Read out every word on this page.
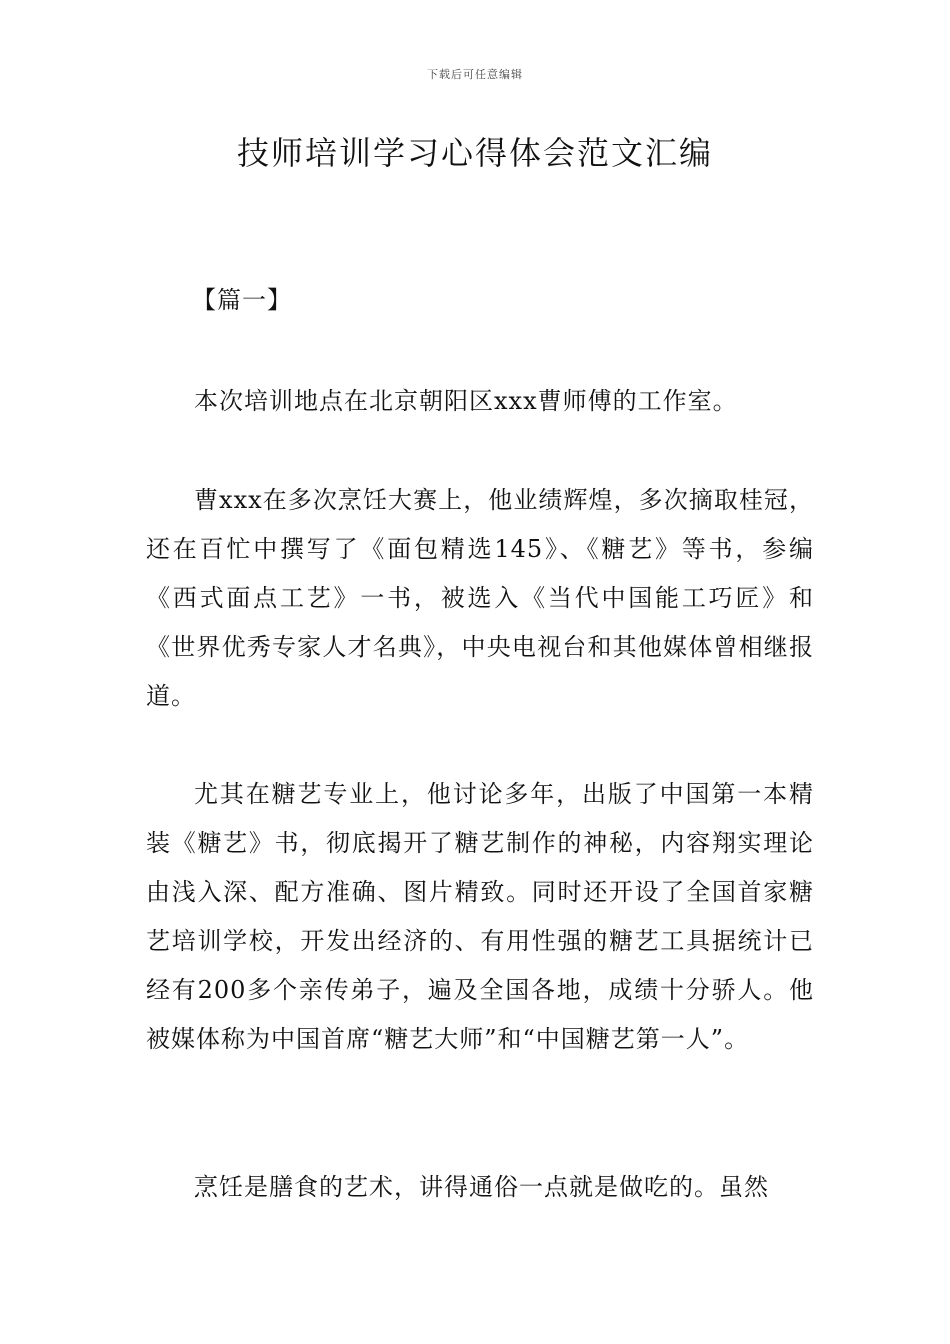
下载后可任意编辑
技师培训学习心得体会范文汇编
【篇一】

本次培训地点在北京朝阳区xxx曹师傅的工作室。

曹xxx在多次烹饪大赛上，他业绩辉煌，多次摘取桂冠，还在百忙中撰写了《面包精选145》、《糖艺》等书，参编《西式面点工艺》一书，被选入《当代中国能工巧匠》和《世界优秀专家人才名典》，中央电视台和其他媒体曾相继报道。

尤其在糖艺专业上，他讨论多年，出版了中国第一本精装《糖艺》书，彻底揭开了糖艺制作的神秘，内容翔实理论由浅入深、配方准确、图片精致。同时还开设了全国首家糖艺培训学校，开发出经济的、有用性强的糖艺工具据统计已经有200多个亲传弟子，遍及全国各地，成绩十分骄人。他被媒体称为中国首席“糖艺大师”和“中国糖艺第一人”。

烹饪是膳食的艺术，讲得通俗一点就是做吃的。虽然
